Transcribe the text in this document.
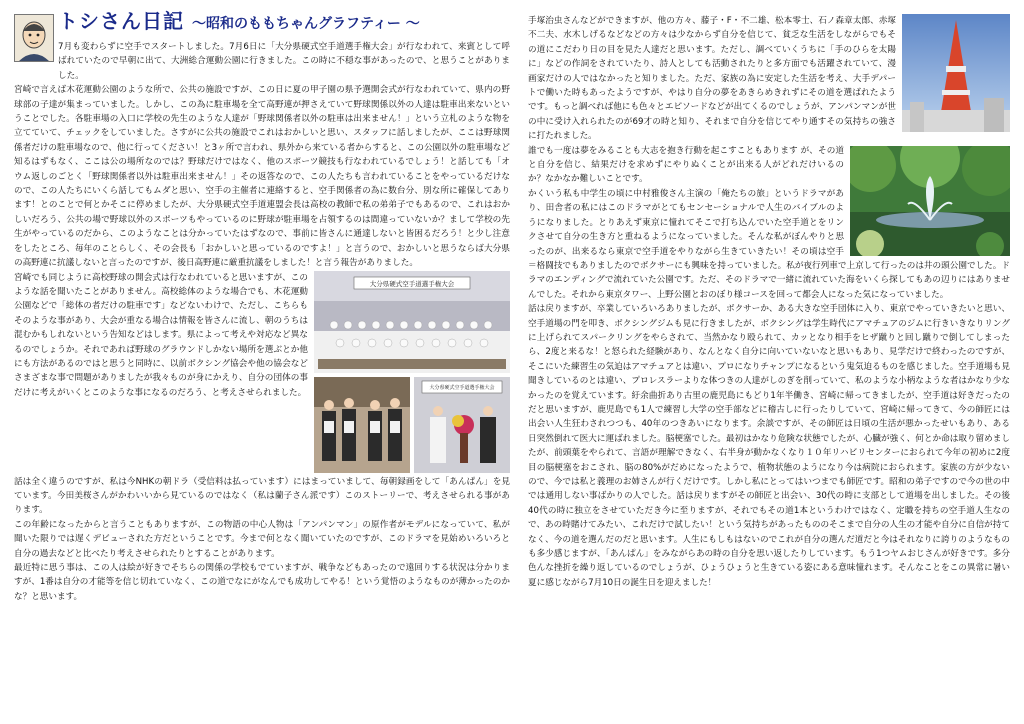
トシさん日記 ～昭和のももちゃんグラフティー ～

7月も変わらずに空手でスタートしました。7月6日に「大分県硬式空手道選手権大会」が行なわれて、来賓として呼ばれていたので早朝に出て、大洲総合運動公園に行きました。この時に不穏な事があったので、と思うことがありました。

宮崎で言えば木花運動公園のような所で、公共の施設ですが、この日に夏の甲子園の県予選開会式が行なわれていて、県内の野球部の子達が集まっていました。しかし、この為に駐車場を全て高野連が押さえていて野球関係以外の人達は駐車出来ないということでした。各駐車場の入口に学校の先生のような人達が「野球関係者以外の駐車は出来ません！」という立札のような物を立てていて、チェックをしていました。さすがに公共の施設でこれはおかしいと思い、スタッフに話しましたが、ここは野球関係者だけの駐車場なので、他に行ってください！と3ヶ所で言われ、県外から来ている者からすると、この公園以外の駐車場など知るはずもなく、ここは公の場所なのでは？野球だけではなく、他のスポーツ競技も行なわれているでしょう！と話しても「オウム返しのごとく「野球関係者以外は駐車出来ません！」その返答なので、この人たちも言われていることをやっているだけなので、この人たちにいくら話してもムダと思い、空手の主催者に連絡すると、空手関係者の為に数台分、別な所に確保してあります！とのことで何とかそこに停めましたが、大分県硬式空手道連盟会長は高校の教師で私の弟弟子でもあるので、これはおかしいだろう、公共の場で野球以外のスポーツもやっているのに野球が駐車場を占領するのは間違っていないか？まして学校の先生がやっているのだから、このようなことは分かっていたはずなので、事前に皆さんに通達しないと皆困るだろう！と少し注意をしたところ、毎年のことらしく、その会長も「おかしいと思っているのですよ！」と言うので、おかしいと思うならば大分県の高野連に抗議しないと言ったのですが、後日高野連に厳重抗議をしました！と言う報告がありました。

大分県硬式空手道選手権大会
大分県硬式空手道選手権大会

宮崎でも同じように高校野球の開会式は行なわれていると思いますが、このような話を聞いたことがありません。高校総体のような場合でも、木花運動公園などで「総体の者だけの駐車です」などないわけで、ただし、こちらもそのような事があり、大会が重なる場合は情報を皆さんに流し、朝のうちは混むかもしれないという告知などはします。県によって考えや対応など異なるのでしょうか。それであれば野球のグラウンドしかない場所を選ぶとか他にも方法があるのではと思うと同時に、以前ボクシング協会や他の協会などさまざまな事で問題がありましたが我々ものが身にかえり、自分の団体の事だけに考えがいくとこのような事になるのだろう、と考えさせられました。

話は全く違うのですが、私は今NHKの朝ドラ（受信料は払っています）にはまっていまして、毎朝録画をして「あんぱん」を見ています。今田美桜さんがかわいいから見ているのではなく（私は蘭子さん派です）このストーリーで、考えさせられる事があります。

この年齢になったからと言うこともありますが、この物語の中心人物は「アンパンマン」の原作者がモデルになっていて、私が聞いた限りでは遅くデビューされた方だということです。今まで何となく聞いていたのですが、このドラマを見始めいろいろと自分の過去などと比べたり考えさせられたりとすることがあります。

最近特に思う事は、この人は絵が好きでそちらの関係の学校もでていますが、戦争などもあったので遠回りする状況は分かりますが、1番は自分の才能等を信じ切れていなく、この道でなにがなんでも成功してやる！という覚悟のようなものが薄かったのかな？と思います。

手塚治虫さんなどができますが、他の方々、藤子・F・不二雄、松本零士、石ノ森章太郎、赤塚不二夫、水木しげるなどなどの方々は少なからず自分を信じて、貧乏な生活をしながらでもその道にこだわり日の目を見た人達だと思います。ただし、調べていくうちに「手のひらを太陽に」などの作詞をされていたり、詩人としても活動されたりと多方面でも活躍されていて、漫画家だけの人ではなかったと知りました。ただ、家族の為に安定した生活を考え、大手デパートで働いた時もあったようですが、やはり自分の夢をあきらめきれずにその道を選ばれたようです。もっと調べれば他にも色々とエピソードなどが出てくるのでしょうが、アンパンマンが世の中に受け入れられたのが69才の時と知り、それまで自分を信じてやり通すその気持ちの強さに打たれました。

誰でも一度は夢をみることも大志を抱き行動を起こすこともあります が、その道と自分を信じ、結果だけを求めずにやりぬくことが出来る人がどれだけいるのか？なかなか難しいことです。

かくいう私も中学生の頃に中村雅俊さん主演の「俺たちの旅」というドラマがあり、田舎者の私にはこのドラマがとてもセンセーショナルで人生のバイブルのようになりました。とりあえず東京に憧れてそこで打ち込んでいた空手道とをリンクさせて自分の生き方と重ねるようになっていました。そんな私がぼんやりと思ったのが、出来るなら東京で空手道をやりながら生きていきたい！その頃は空手＝格闘技でもありましたのでボクサーにも興味を持っていました。私が夜行列車で上京して行ったのは井の頭公園でした。ドラマのエンディングで流れていた公園です。ただ、そのドラマで一緒に流れていた海をいくら探してもあの辺りにはありませんでした。それから東京タワー、上野公園とおのぼり様コースを回って都会人になった気になっていました。

話は戻りますが、卒業していろいろありましたが、ボクサーか、ある大きな空手団体に入り、東京でやっていきたいと思い、空手道場の門を叩き、ボクシングジムも見に行きましたが、ボクシングは学生時代にアマチュアのジムに行きいきなりリングに上げられてスパークリングをやらされて、当然かなり殴られて、カッとなり相手をヒザ蹴りと回し蹴りで倒してしまったら、2度と来るな！と怒られた経験があり、なんとなく自分に向いていないなと思いもあり、見学だけで終わったのですが、そこにいた練習生の気迫はアマチュアとは違い、プロになりチャンプになるという鬼気迫るものを感じました。空手道場も見聞きしているのとは違い、プロレスラーよりな体つきの人達がしのぎを削っていて、私のような小柄なような者はかなり少なかったのを覚えています。紆余曲折あり古里の鹿児島にもどり1年半働き、宮崎に帰ってきましたが、空手道は好きだったのだと思いますが、鹿児島でも1人で練習し大学の空手部などに稽古しに行ったりしていて、宮崎に帰ってきて、今の師匠には出会い人生狂わされつつも、40年のつきあいになります。余談ですが、その師匠は日頃の生活が悪かったせいもあり、ある日突然倒れて医大に運ばれました。脳梗塞でした。最初はかなり危険な状態でしたが、心臓が強く、何とか命は取り留めましたが、前頭葉をやられて、言語が理解できなく、右半身が動かなくなり１０年リハビリセンターにおられて今年の初めに2度目の脳梗塞をおこされ、脳の80%がだめになったようで、植物状態のようになり今は病院におられます。家族の方が少ないので、今では私と義理のお姉さんが行くだけです。しかし私にとってはいつまでも師匠です。昭和の弟子ですので今の世の中では通用しない事ばかりの人でした。話は戻りますがその師匠と出会い、30代の時に支部として道場を出しました。その後40代の時に独立をさせていただき今に至りますが、それでもその道1本というわけではなく、定職を持ちの空手道人生なので、あの時賭けてみたい、これだけで試したい！という気持ちがあったもののそこまで自分の人生の才能や自分に自信が持てなく、今の道を選んだのだと思います。人生にもしもはないのでこれが自分の選んだ道だと今はそれなりに誇りのようなものも多少感じますが、「あんぱん」をみながらあの時の自分を思い返したりしています。もう1つヤムおじさんが好きです。多分色んな挫折を繰り返しているのでしょうが、ひょうひょうと生きている姿にある意味憧れます。そんなことをこの異常に暑い夏に感じながら7月10日の誕生日を迎えました！
